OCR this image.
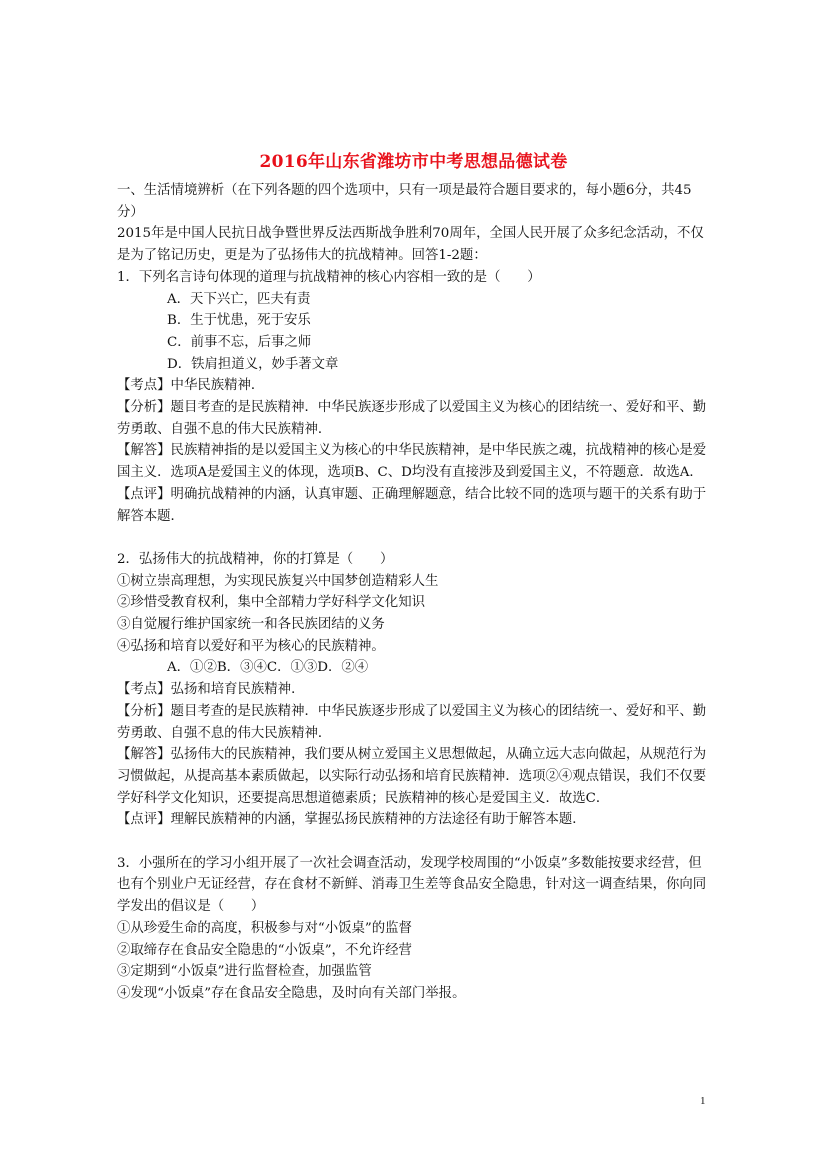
2016年山东省潍坊市中考思想品德试卷

一、生活情境辨析（在下列各题的四个选项中，只有一项是最符合题目要求的，每小题6分，共45分）

2015年是中国人民抗日战争暨世界反法西斯战争胜利70周年，全国人民开展了众多纪念活动，不仅是为了铭记历史，更是为了弘扬伟大的抗战精神。回答1-2题：

1．下列名言诗句体现的道理与抗战精神的核心内容相一致的是（　　）

A．天下兴亡，匹夫有责

B．生于忧患，死于安乐

C．前事不忘，后事之师

D．铁肩担道义，妙手著文章

【考点】中华民族精神．

【分析】题目考查的是民族精神．中华民族逐步形成了以爱国主义为核心的团结统一、爱好和平、勤劳勇敢、自强不息的伟大民族精神．

【解答】民族精神指的是以爱国主义为核心的中华民族精神，是中华民族之魂，抗战精神的核心是爱国主义．选项A是爱国主义的体现，选项B、C、D均没有直接涉及到爱国主义，不符题意．故选A．

【点评】明确抗战精神的内涵，认真审题、正确理解题意，结合比较不同的选项与题干的关系有助于解答本题．

2．弘扬伟大的抗战精神，你的打算是（　　）

①树立崇高理想，为实现民族复兴中国梦创造精彩人生

②珍惜受教育权利，集中全部精力学好科学文化知识

③自觉履行维护国家统一和各民族团结的义务

④弘扬和培育以爱好和平为核心的民族精神。

A．①②B．③④C．①③D．②④

【考点】弘扬和培育民族精神．

【分析】题目考查的是民族精神．中华民族逐步形成了以爱国主义为核心的团结统一、爱好和平、勤劳勇敢、自强不息的伟大民族精神．

【解答】弘扬伟大的民族精神，我们要从树立爱国主义思想做起，从确立远大志向做起，从规范行为习惯做起，从提高基本素质做起，以实际行动弘扬和培育民族精神．选项②④观点错误，我们不仅要学好科学文化知识，还要提高思想道德素质；民族精神的核心是爱国主义．故选C．

【点评】理解民族精神的内涵，掌握弘扬民族精神的方法途径有助于解答本题．

3．小强所在的学习小组开展了一次社会调查活动，发现学校周围的“小饭桌”多数能按要求经营，但也有个别业户无证经营，存在食材不新鲜、消毒卫生差等食品安全隐患，针对这一调查结果，你向同学发出的倡议是（　　）

①从珍爱生命的高度，积极参与对“小饭桌”的监督

②取缔存在食品安全隐患的“小饭桌”，不允许经营

③定期到“小饭桌”进行监督检查，加强监管

④发现“小饭桌”存在食品安全隐患，及时向有关部门举报。

1
